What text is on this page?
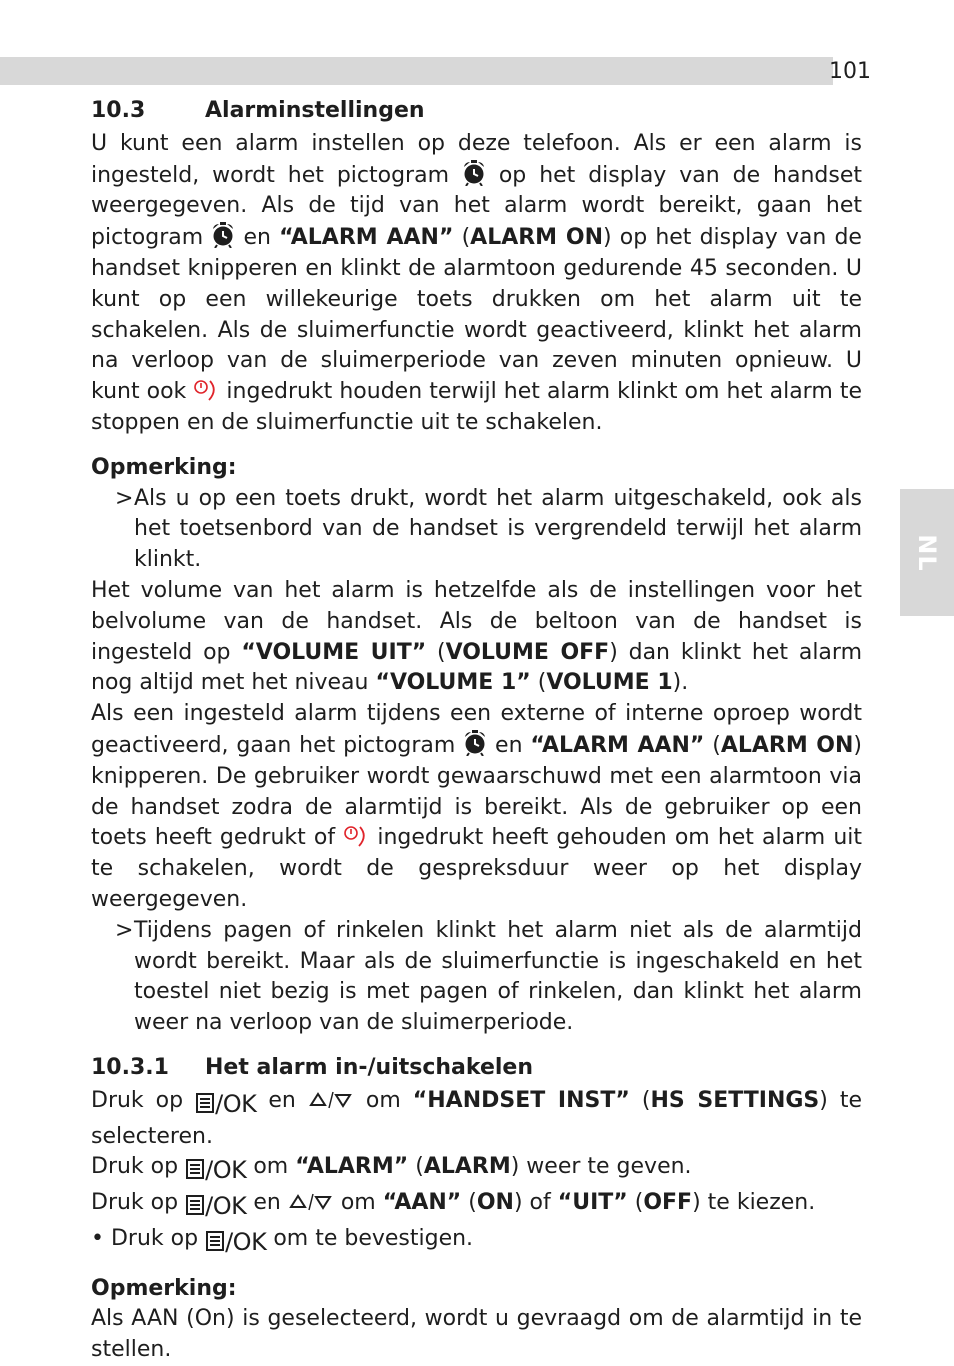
101
NL
10.3	Alarminstellingen

U kunt een alarm instellen op deze telefoon. Als er een alarm is ingesteld, wordt het pictogram op het display van de handset weergegeven. Als de tijd van het alarm wordt bereikt, gaan het pictogram en “ALARM AAN” (ALARM ON) op het display van de handset knipperen en klinkt de alarmtoon gedurende 45 seconden. U kunt op een willekeurige toets drukken om het alarm uit te schakelen. Als de sluimerfunctie wordt geactiveerd, klinkt het alarm na verloop van de sluimerperiode van zeven minuten opnieuw. U kunt ook ingedrukt houden terwijl het alarm klinkt om het alarm te stoppen en de sluimerfunctie uit te schakelen.

Opmerking:

> Als u op een toets drukt, wordt het alarm uitgeschakeld, ook als het toetsenbord van de handset is vergrendeld terwijl het alarm klinkt.

Het volume van het alarm is hetzelfde als de instellingen voor het belvolume van de handset. Als de beltoon van de handset is ingesteld op “VOLUME UIT” (VOLUME OFF) dan klinkt het alarm nog altijd met het niveau “VOLUME 1” (VOLUME 1).

Als een ingesteld alarm tijdens een externe of interne oproep wordt geactiveerd, gaan het pictogram en “ALARM AAN” (ALARM ON) knipperen. De gebruiker wordt gewaarschuwd met een alarmtoon via de handset zodra de alarmtijd is bereikt. Als de gebruiker op een toets heeft gedrukt of ingedrukt heeft gehouden om het alarm uit te schakelen, wordt de gespreksduur weer op het display weergegeven.

> Tijdens pagen of rinkelen klinkt het alarm niet als de alarmtijd wordt bereikt. Maar als de sluimerfunctie is ingeschakeld en het toestel niet bezig is met pagen of rinkelen, dan klinkt het alarm weer na verloop van de sluimerperiode.
10.3.1 Het alarm in-/uitschakelen

Druk op /OK en	om “HANDSET INST” (HS SETTINGS) te selecteren.

Druk op /OK om “ALARM” (ALARM) weer te geven.

Druk op /OK en	om “AAN” (ON) of “UIT” (OFF) te kiezen.

• Druk op /OK om te bevestigen.

Opmerking:

Als AAN (On) is geselecteerd, wordt u gevraagd om de alarmtijd in te stellen.
